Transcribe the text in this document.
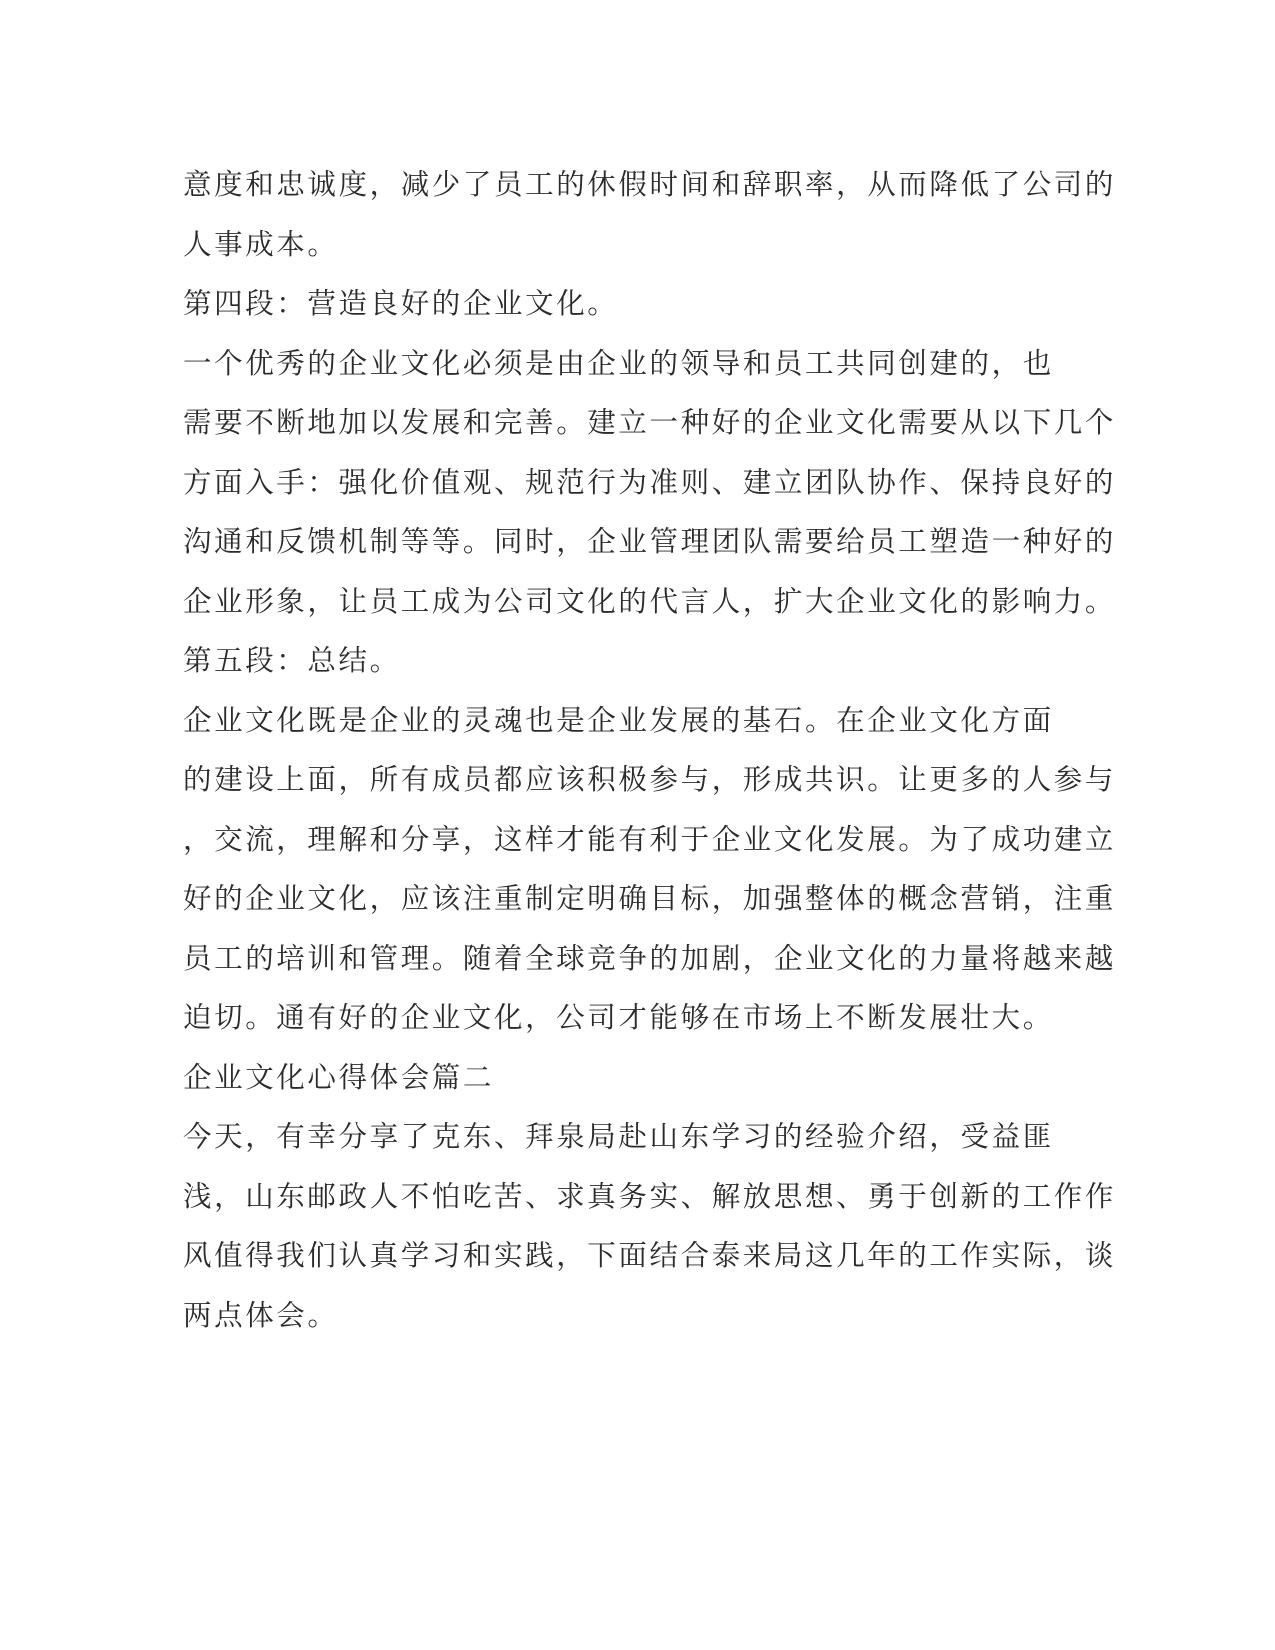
意度和忠诚度，减少了员工的休假时间和辞职率，从而降低了公司的

人事成本。

第四段：营造良好的企业文化。

一个优秀的企业文化必须是由企业的领导和员工共同创建的，也

需要不断地加以发展和完善。建立一种好的企业文化需要从以下几个

方面入手：强化价值观、规范行为准则、建立团队协作、保持良好的

沟通和反馈机制等等。同时，企业管理团队需要给员工塑造一种好的

企业形象，让员工成为公司文化的代言人，扩大企业文化的影响力。

第五段：总结。

企业文化既是企业的灵魂也是企业发展的基石。在企业文化方面

的建设上面，所有成员都应该积极参与，形成共识。让更多的人参与

，交流，理解和分享，这样才能有利于企业文化发展。为了成功建立

好的企业文化，应该注重制定明确目标，加强整体的概念营销，注重

员工的培训和管理。随着全球竞争的加剧，企业文化的力量将越来越

迫切。通有好的企业文化，公司才能够在市场上不断发展壮大。

企业文化心得体会篇二

今天，有幸分享了克东、拜泉局赴山东学习的经验介绍，受益匪

浅，山东邮政人不怕吃苦、求真务实、解放思想、勇于创新的工作作

风值得我们认真学习和实践，下面结合泰来局这几年的工作实际，谈

两点体会。
